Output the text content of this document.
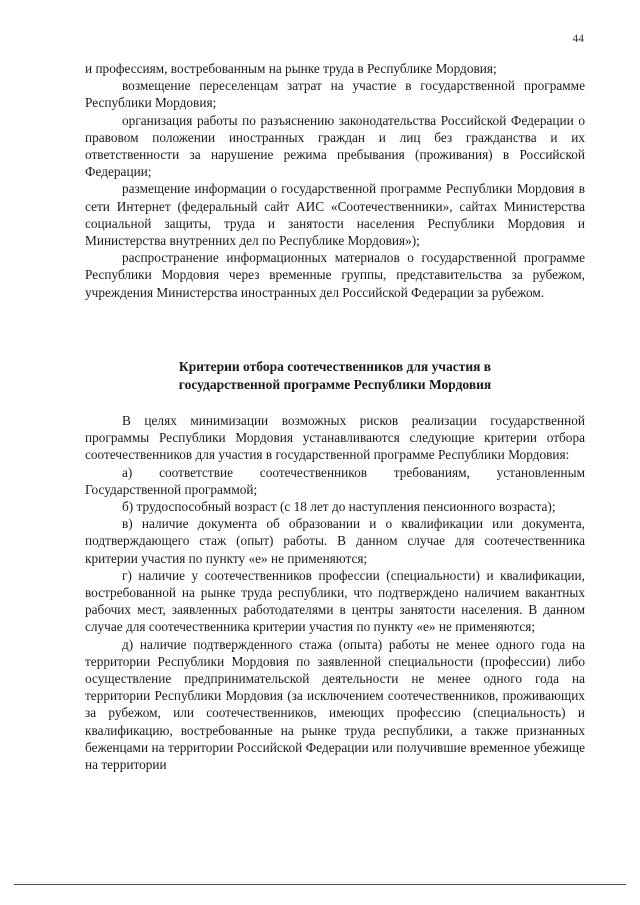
44

и профессиям, востребованным на рынке труда в Республике Мордовия;

возмещение переселенцам затрат на участие в государственной программе Республики Мордовия;

организация работы по разъяснению законодательства Российской Федерации о правовом положении иностранных граждан и лиц без гражданства и их ответственности за нарушение режима пребывания (проживания) в Российской Федерации;

размещение информации о государственной программе Республики Мордовия в сети Интернет (федеральный сайт АИС «Соотечественники», сайтах Министерства социальной защиты, труда и занятости населения Республики Мордовия и Министерства внутренних дел по Республике Мордовия»);

распространение информационных материалов о государственной программе Республики Мордовия через временные группы, представительства за рубежом, учреждения Министерства иностранных дел Российской Федерации за рубежом.

Критерии отбора соотечественников для участия в
государственной программе Республики Мордовия

В целях минимизации возможных рисков реализации государственной программы Республики Мордовия устанавливаются следующие критерии отбора соотечественников для участия в государственной программе Республики Мордовия:

а) соответствие соотечественников требованиям, установленным Государственной программой;

б) трудоспособный возраст (с 18 лет до наступления пенсионного возраста);

в) наличие документа об образовании и о квалификации или документа, подтверждающего стаж (опыт) работы. В данном случае для соотечественника критерии участия по пункту «е» не применяются;

г) наличие у соотечественников профессии (специальности) и квалификации, востребованной на рынке труда республики, что подтверждено наличием вакантных рабочих мест, заявленных работодателями в центры занятости населения. В данном случае для соотечественника критерии участия по пункту «е» не применяются;

д) наличие подтвержденного стажа (опыта) работы не менее одного года на территории Республики Мордовия по заявленной специальности (профессии) либо осуществление предпринимательской деятельности не менее одного года на территории Республики Мордовия (за исключением соотечественников, проживающих за рубежом, или соотечественников, имеющих профессию (специальность) и квалификацию, востребованные на рынке труда республики, а также признанных беженцами на территории Российской Федерации или получившие временное убежище на территории
